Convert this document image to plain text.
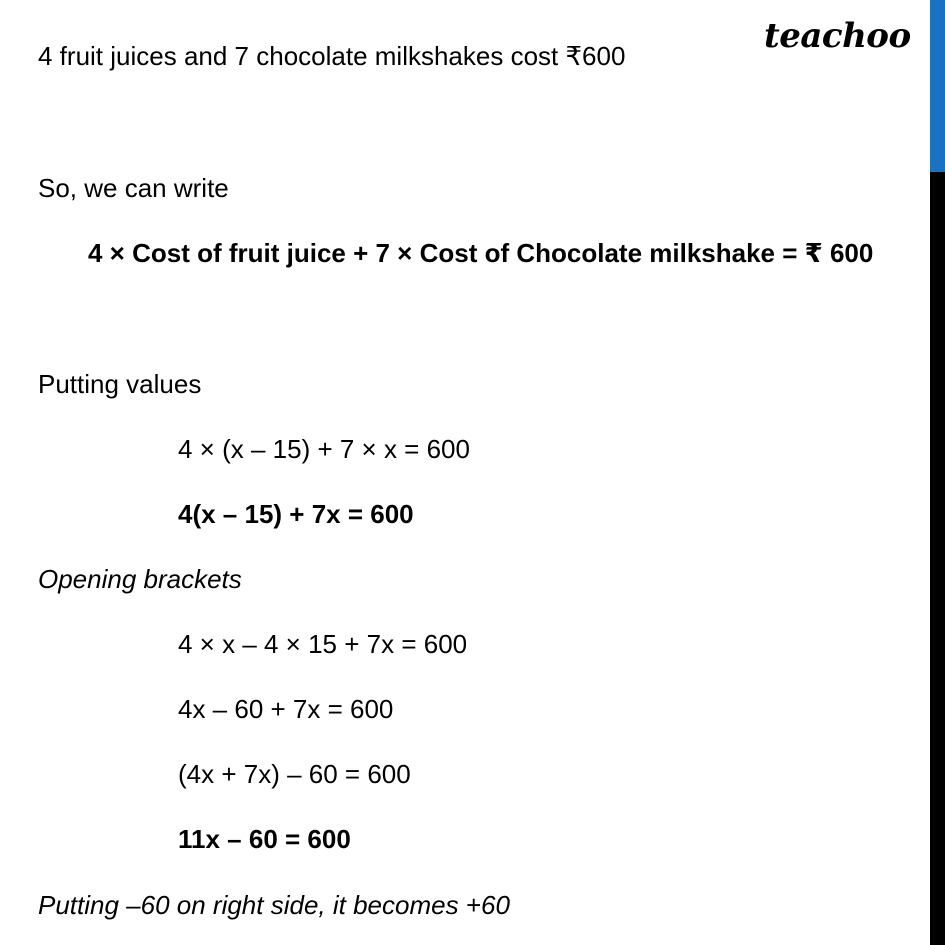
teachoo
4 fruit juices and 7 chocolate milkshakes cost ₹600
So, we can write
4 × Cost of fruit juice + 7 × Cost of Chocolate milkshake = ₹ 600
Putting values
4 × (x – 15) + 7 × x = 600
4(x – 15) + 7x = 600
Opening brackets
4 × x – 4 × 15 + 7x = 600
4x – 60 + 7x = 600
(4x + 7x) – 60 = 600
11x – 60 = 600
Putting –60 on right side, it becomes +60
